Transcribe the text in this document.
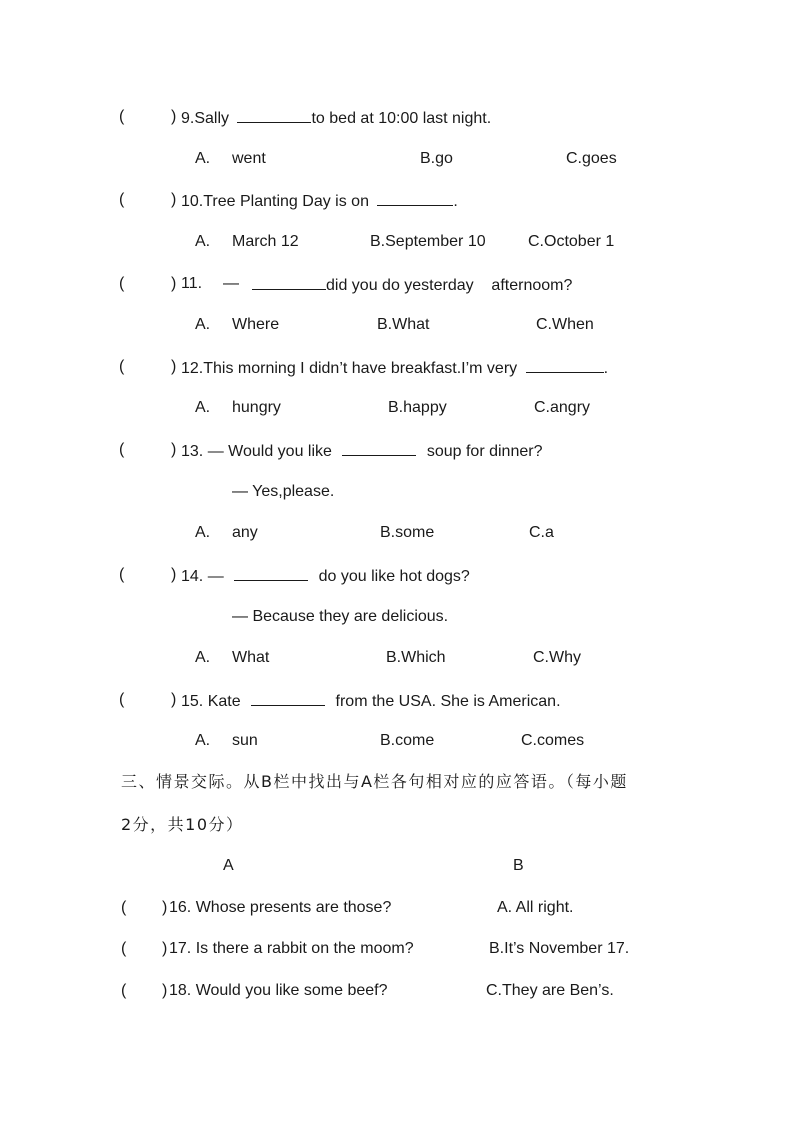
(	) 9.Sally	to bed at 10:00 last night.
A. went	B.go	C.goes
(	) 10.Tree Planting Day is on	.
A. March 12	B.September 10	C.October 1
(	) 11. —	did you do yesterday    afternoom?
A. Where	B.What	C.When
(	) 12.This morning I didn’t have breakfast.I’m very	.
A. hungry	B.happy	C.angry
(	) 13. — Would you like	soup for dinner?
— Yes,please.
A. any	B.some	C.a
(	) 14. —	do you like hot dogs?
— Because they are delicious.
A. What	B.Which	C.Why
(	) 15. Kate	from the USA. She is American.
A. sun	B.come	C.comes
三、情景交际。从B栏中找出与A栏各句相对应的应答语。（每小题
2分，共10分）
A	B
( ) 16. Whose presents are those?	A. All right.
( ) 17. Is there a rabbit on the moom?	B.It’s November 17.
( ) 18. Would you like some beef?	C.They are Ben’s.
